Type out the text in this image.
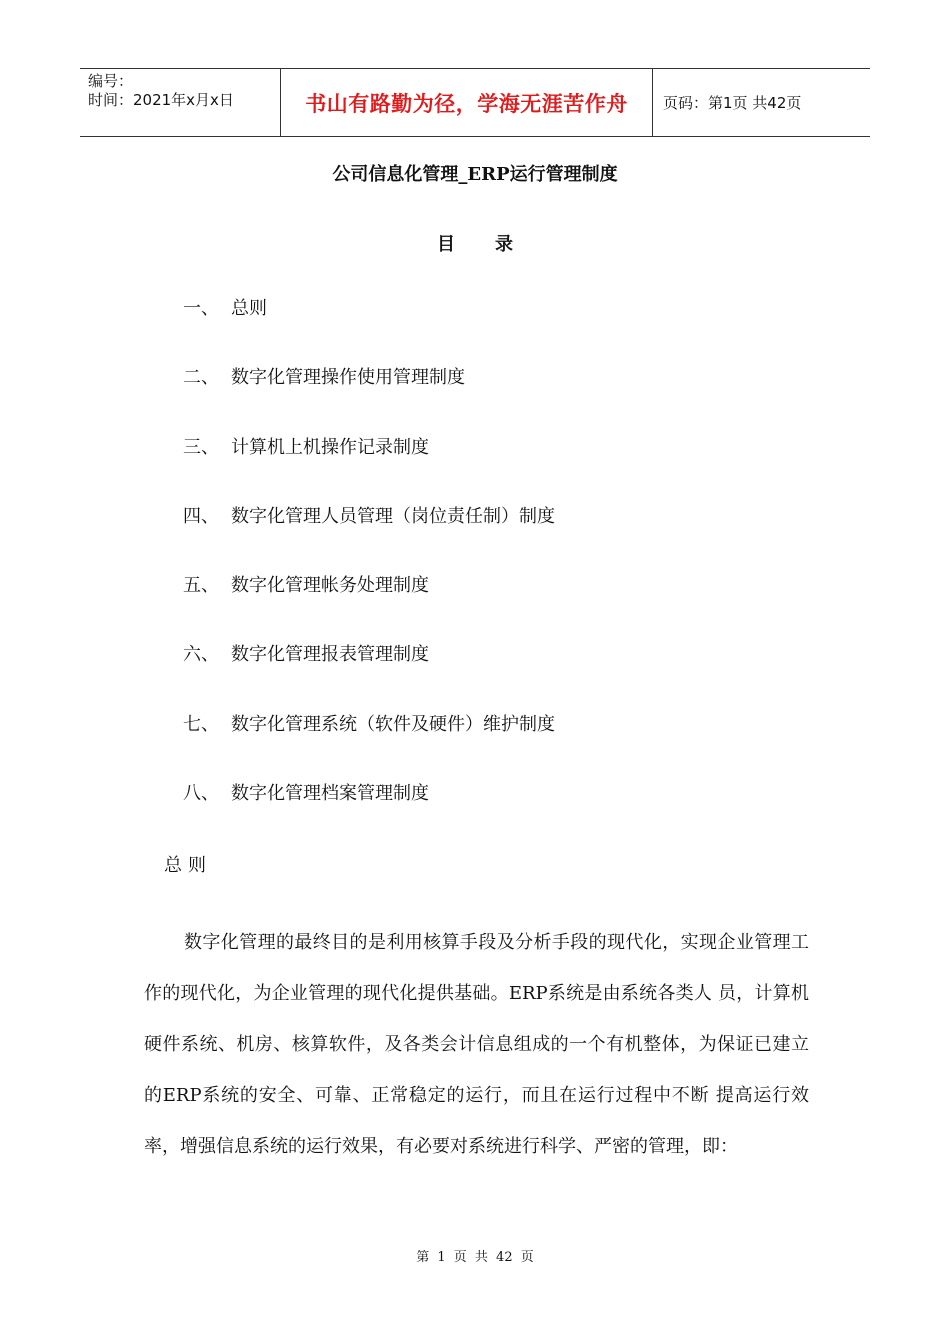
编号：
时间：2021年x月x日	书山有路勤为径，学海无涯苦作舟	页码：第1页 共42页
公司信息化管理_ERP运行管理制度
目录
一、 总则
二、 数字化管理操作使用管理制度
三、 计算机上机操作记录制度
四、 数字化管理人员管理（岗位责任制）制度
五、 数字化管理帐务处理制度
六、 数字化管理报表管理制度
七、 数字化管理系统（软件及硬件）维护制度
八、 数字化管理档案管理制度
总则

数字化管理的最终目的是利用核算手段及分析手段的现代化，实现企业管理工作的现代化，为企业管理的现代化提供基础。ERP系统是由系统各类人 员，计算机硬件系统、机房、核算软件，及各类会计信息组成的一个有机整体，为保证已建立的ERP系统的安全、可靠、正常稳定的运行，而且在运行过程中不断 提高运行效率，增强信息系统的运行效果，有必要对系统进行科学、严密的管理，即：

第 1 页 共 42 页
